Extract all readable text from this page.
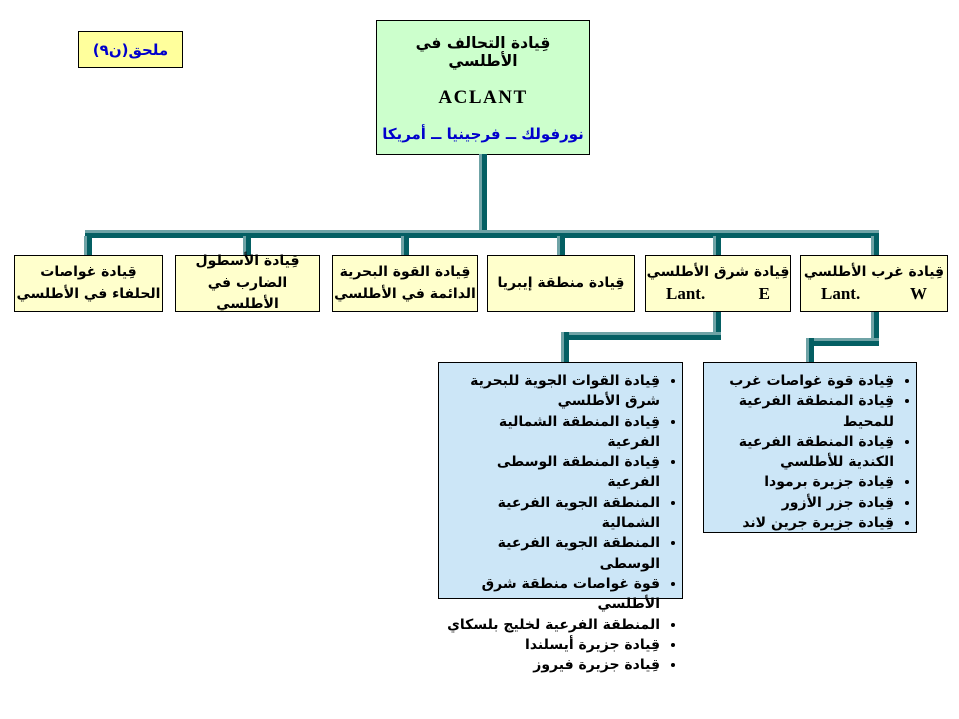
ملحق(ن٩)	قِيادة التحالف في الأطلسي
ACLANT
نورفولك ــ فرجينيا ــ أمريكا
قِيادة غواصات
الحلفاء في الأطلسي
قِيادة الأسطول
الضارب في الأطلسي
قِيادة القوة البحرية
الدائمة في الأطلسي
قِيادة منطقة إيبريا
قِيادة شرق الأطلسي
Lant.	E
قِيادة غرب الأطلسي
Lant.	W
• قِيادة القوات الجوية للبحرية شرق الأطلسي
• قِيادة المنطقة الشمالية الفرعية
• قِيادة المنطقة الوسطى الفرعية
• المنطقة الجوية الفرعية الشمالية
• المنطقة الجوية الفرعية الوسطى
• قوة غواصات منطقة شرق الأطلسي
• المنطقة الفرعية لخليج بلسكاي
• قِيادة جزيرة أيسلندا
• قِيادة جزيرة فيروز
• قِيادة قوة غواصات غرب
• قِيادة المنطقة الفرعية للمحيط
• قِيادة المنطقة الفرعية الكندية للأطلسي
• قِيادة جزيرة برمودا
• قِيادة جزر الأزور
• قِيادة جزيرة جرين لاند
